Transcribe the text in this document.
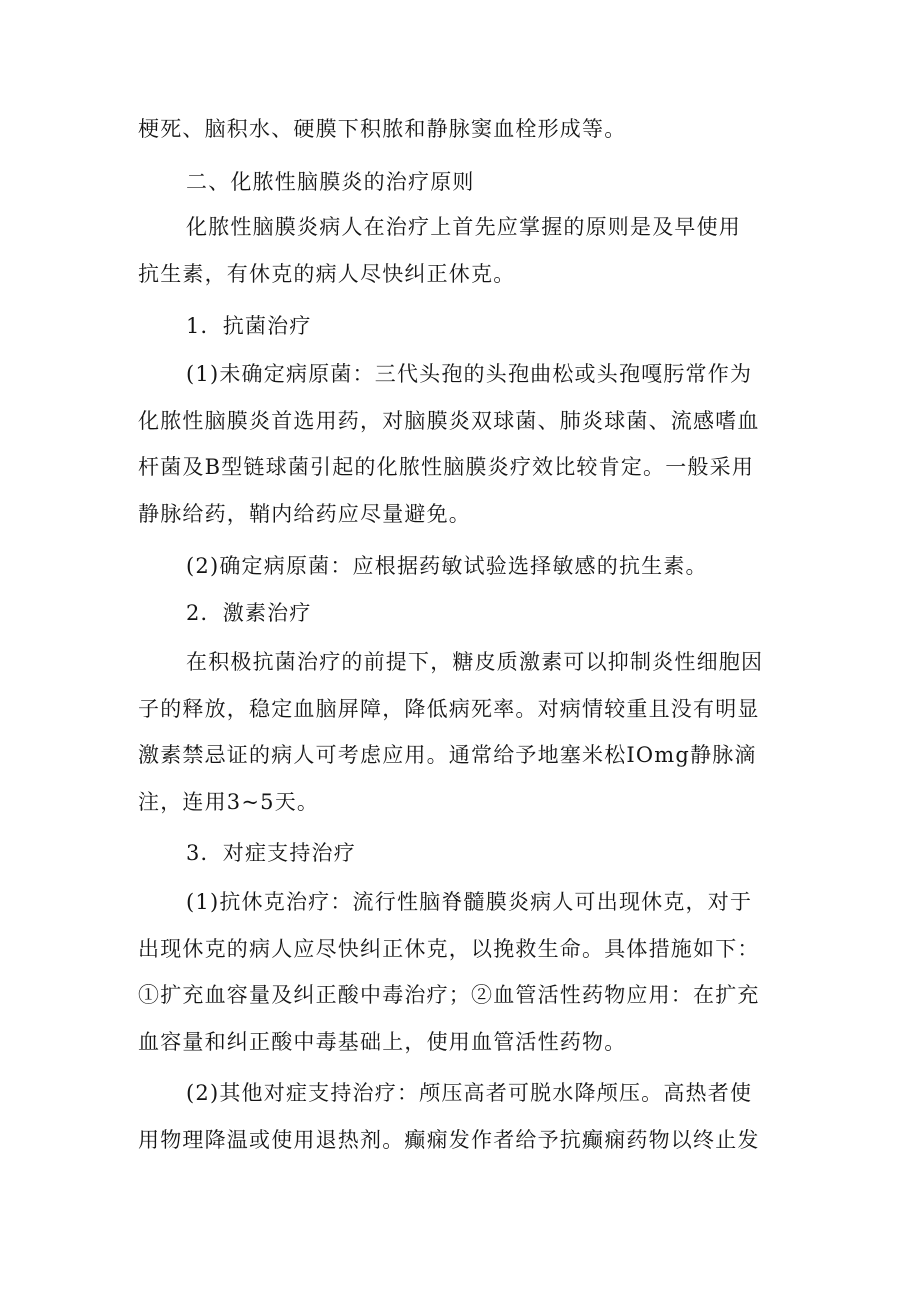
梗死、脑积水、硬膜下积脓和静脉窦血栓形成等。
二、化脓性脑膜炎的治疗原则
化脓性脑膜炎病人在治疗上首先应掌握的原则是及早使用
抗生素，有休克的病人尽快纠正休克。
1．抗菌治疗
(1)未确定病原菌：三代头孢的头孢曲松或头孢嘎肟常作为
化脓性脑膜炎首选用药，对脑膜炎双球菌、肺炎球菌、流感嗜血
杆菌及B型链球菌引起的化脓性脑膜炎疗效比较肯定。一般采用
静脉给药，鞘内给药应尽量避免。
(2)确定病原菌：应根据药敏试验选择敏感的抗生素。
2．激素治疗
在积极抗菌治疗的前提下，糖皮质激素可以抑制炎性细胞因
子的释放，稳定血脑屏障，降低病死率。对病情较重且没有明显
激素禁忌证的病人可考虑应用。通常给予地塞米松IOmg静脉滴
注，连用3~5天。
3．对症支持治疗
(1)抗休克治疗：流行性脑脊髓膜炎病人可出现休克，对于
出现休克的病人应尽快纠正休克，以挽救生命。具体措施如下：
①扩充血容量及纠正酸中毒治疗；②血管活性药物应用：在扩充
血容量和纠正酸中毒基础上，使用血管活性药物。
(2)其他对症支持治疗：颅压高者可脱水降颅压。高热者使
用物理降温或使用退热剂。癫痫发作者给予抗癫痫药物以终止发
